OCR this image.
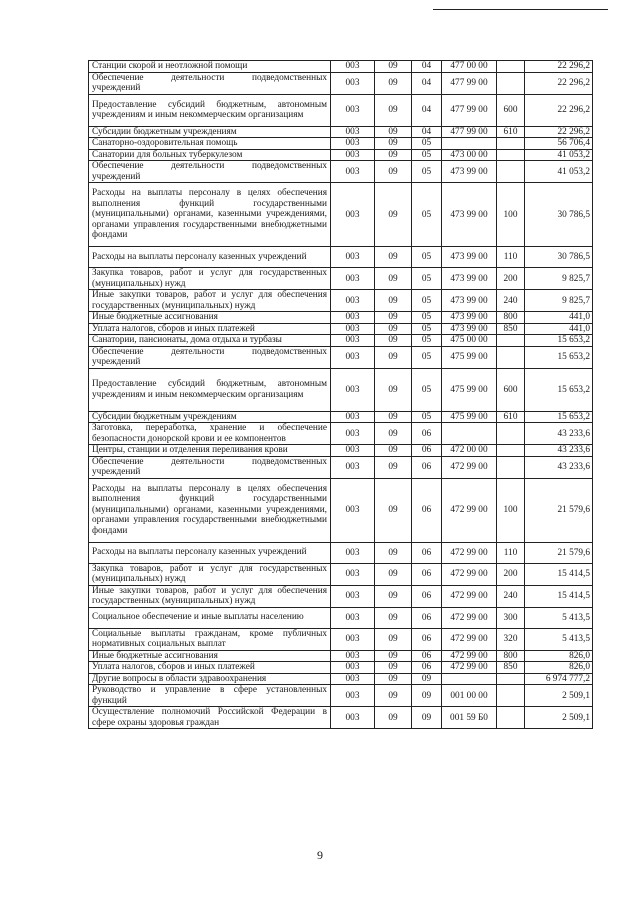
Станции скорой и неотложной помощи	003	09	04	477 00 00		22 296,2
Обеспечение деятельности подведомственных учреждений	003	09	04	477 99 00		22 296,2
Предоставление субсидий бюджетным, автономным учреждениям и иным некоммерческим организациям	003	09	04	477 99 00	600	22 296,2
Субсидии бюджетным учреждениям	003	09	04	477 99 00	610	22 296,2
Санаторно-оздоровительная помощь	003	09	05			56 706,4
Санатории для больных туберкулезом	003	09	05	473 00 00		41 053,2
Обеспечение деятельности подведомственных учреждений	003	09	05	473 99 00		41 053,2
Расходы на выплаты персоналу в целях обеспечения выполнения функций государственными (муниципальными) органами, казенными учреждениями, органами управления государственными внебюджетными фондами	003	09	05	473 99 00	100	30 786,5
Расходы на выплаты персоналу казенных учреждений	003	09	05	473 99 00	110	30 786,5
Закупка товаров, работ и услуг для государственных (муниципальных) нужд	003	09	05	473 99 00	200	9 825,7
Иные закупки товаров, работ и услуг для обеспечения государственных (муниципальных) нужд	003	09	05	473 99 00	240	9 825,7
Иные бюджетные ассигнования	003	09	05	473 99 00	800	441,0
Уплата налогов, сборов и иных платежей	003	09	05	473 99 00	850	441,0
Санатории, пансионаты, дома отдыха и турбазы	003	09	05	475 00 00		15 653,2
Обеспечение деятельности подведомственных учреждений	003	09	05	475 99 00		15 653,2
Предоставление субсидий бюджетным, автономным учреждениям и иным некоммерческим организациям	003	09	05	475 99 00	600	15 653,2
Субсидии бюджетным учреждениям	003	09	05	475 99 00	610	15 653,2
Заготовка, переработка, хранение и обеспечение безопасности донорской крови и ее компонентов	003	09	06			43 233,6
Центры, станции и отделения переливания крови	003	09	06	472 00 00		43 233,6
Обеспечение деятельности подведомственных учреждений	003	09	06	472 99 00		43 233,6
Расходы на выплаты персоналу в целях обеспечения выполнения функций государственными (муниципальными) органами, казенными учреждениями, органами управления государственными внебюджетными фондами	003	09	06	472 99 00	100	21 579,6
Расходы на выплаты персоналу казенных учреждений	003	09	06	472 99 00	110	21 579,6
Закупка товаров, работ и услуг для государственных (муниципальных) нужд	003	09	06	472 99 00	200	15 414,5
Иные закупки товаров, работ и услуг для обеспечения государственных (муниципальных) нужд	003	09	06	472 99 00	240	15 414,5
Социальное обеспечение и иные выплаты населению	003	09	06	472 99 00	300	5 413,5
Социальные выплаты гражданам, кроме публичных нормативных социальных выплат	003	09	06	472 99 00	320	5 413,5
Иные бюджетные ассигнования	003	09	06	472 99 00	800	826,0
Уплата налогов, сборов и иных платежей	003	09	06	472 99 00	850	826,0
Другие вопросы в области здравоохранения	003	09	09			6 974 777,2
Руководство и управление в сфере установленных функций	003	09	09	001 00 00		2 509,1
Осуществление полномочий Российской Федерации в сфере охраны здоровья граждан	003	09	09	001 59 Б0		2 509,1
9
